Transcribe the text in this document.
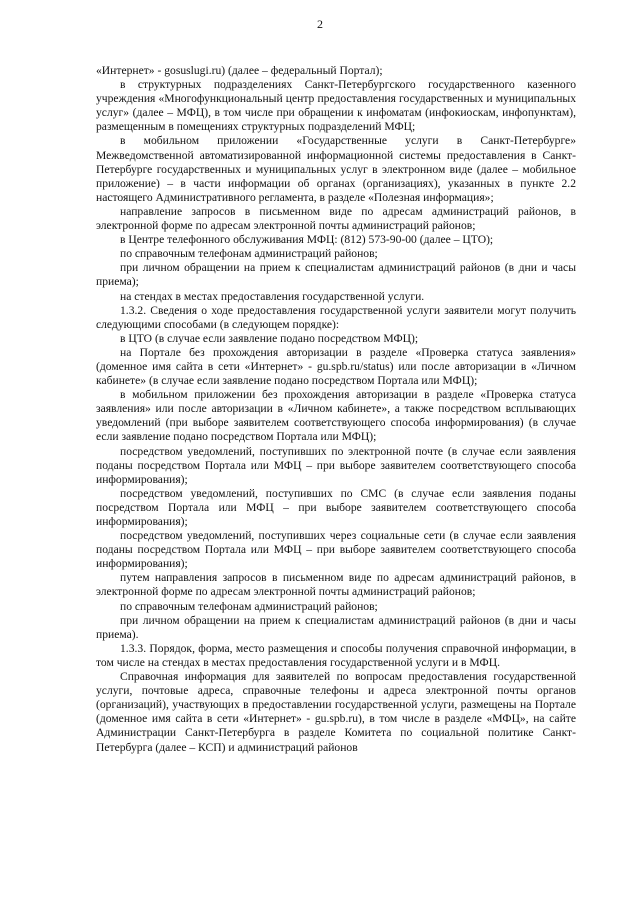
2

«Интернет» - gosuslugi.ru) (далее – федеральный Портал);

в структурных подразделениях Санкт-Петербургского государственного казенного учреждения «Многофункциональный центр предоставления государственных и муниципальных услуг» (далее – МФЦ), в том числе при обращении к инфоматам (инфокиоскам, инфопунктам), размещенным в помещениях структурных подразделений МФЦ;

в мобильном приложении «Государственные услуги в Санкт-Петербурге» Межведомственной автоматизированной информационной системы предоставления в Санкт-Петербурге государственных и муниципальных услуг в электронном виде (далее – мобильное приложение) – в части информации об органах (организациях), указанных в пункте 2.2 настоящего Административного регламента, в разделе «Полезная информация»;

направление запросов в письменном виде по адресам администраций районов, в электронной форме по адресам электронной почты администраций районов;

в Центре телефонного обслуживания МФЦ: (812) 573-90-00 (далее – ЦТО);

по справочным телефонам администраций районов;

при личном обращении на прием к специалистам администраций районов (в дни и часы приема);

на стендах в местах предоставления государственной услуги.

1.3.2. Сведения о ходе предоставления государственной услуги заявители могут получить следующими способами (в следующем порядке):

в ЦТО (в случае если заявление подано посредством МФЦ);

на Портале без прохождения авторизации в разделе «Проверка статуса заявления» (доменное имя сайта в сети «Интернет» - gu.spb.ru/status) или после авторизации в «Личном кабинете» (в случае если заявление подано посредством Портала или МФЦ);

в мобильном приложении без прохождения авторизации в разделе «Проверка статуса заявления» или после авторизации в «Личном кабинете», а также посредством всплывающих уведомлений (при выборе заявителем соответствующего способа информирования) (в случае если заявление подано посредством Портала или МФЦ);

посредством уведомлений, поступивших по электронной почте (в случае если заявления поданы посредством Портала или МФЦ – при выборе заявителем соответствующего способа информирования);

посредством уведомлений, поступивших по СМС (в случае если заявления поданы посредством Портала или МФЦ – при выборе заявителем соответствующего способа информирования);

посредством уведомлений, поступивших через социальные сети (в случае если заявления поданы посредством Портала или МФЦ – при выборе заявителем соответствующего способа информирования);

путем направления запросов в письменном виде по адресам администраций районов, в электронной форме по адресам электронной почты администраций районов;

по справочным телефонам администраций районов;

при личном обращении на прием к специалистам администраций районов (в дни и часы приема).

1.3.3. Порядок, форма, место размещения и способы получения справочной информации, в том числе на стендах в местах предоставления государственной услуги и в МФЦ.

Справочная информация для заявителей по вопросам предоставления государственной услуги, почтовые адреса, справочные телефоны и адреса электронной почты органов (организаций), участвующих в предоставлении государственной услуги, размещены на Портале (доменное имя сайта в сети «Интернет» - gu.spb.ru), в том числе в разделе «МФЦ», на сайте Администрации Санкт-Петербурга в разделе Комитета по социальной политике Санкт-Петербурга (далее – КСП) и администраций районов
